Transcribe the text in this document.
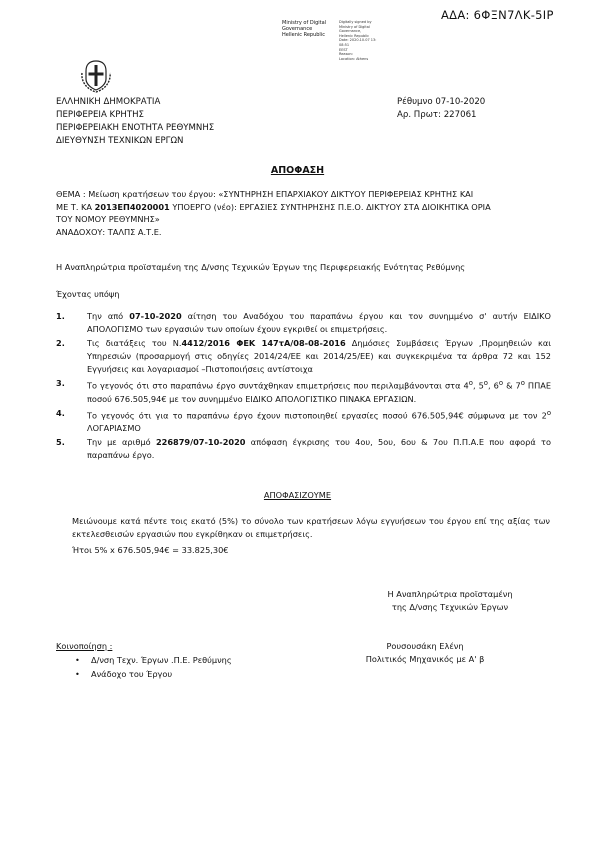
ΑΔΑ: 6ΦΞΝ7ΛΚ-5ΙΡ
Ministry of Digital
Governance
Hellenic Republic
Digitally signed by
Ministry of Digital
Governance,
Hellenic Republic
Date: 2020.10.07 13:
08:51
EEST
Reason:
Location: Athens
ΕΛΛΗΝΙΚΗ ΔΗΜΟΚΡΑΤΙΑ
ΠΕΡΙΦΕΡΕΙΑ ΚΡΗΤΗΣ
ΠΕΡΙΦΕΡΕΙΑΚΗ ΕΝΟΤΗΤΑ ΡΕΘΥΜΝΗΣ
ΔΙΕΥΘΥΝΣΗ ΤΕΧΝΙΚΩΝ ΕΡΓΩΝ
Ρέθυμνο 07-10-2020
Αρ. Πρωτ: 227061
ΑΠΟΦΑΣΗ
ΘΕΜΑ : Μείωση κρατήσεων του έργου: «ΣΥΝΤΗΡΗΣΗ ΕΠΑΡΧΙΑΚΟΥ ΔΙΚΤΥΟΥ ΠΕΡΙΦΕΡΕΙΑΣ ΚΡΗΤΗΣ ΚΑΙ
ΜΕ Τ. ΚΑ 2013ΕΠ4020001 ΥΠΟΕΡΓΟ (νέο): ΕΡΓΑΣΙΕΣ ΣΥΝΤΗΡΗΣΗΣ Π.Ε.Ο. ΔΙΚΤΥΟΥ ΣΤΑ ΔΙΟΙΚΗΤΙΚΑ ΟΡΙΑ
ΤΟΥ ΝΟΜΟΥ ΡΕΘΥΜΝΗΣ»
ΑΝΑΔΟΧΟΥ: ΤΑΛΠΣ Α.Τ.Ε.
Η Αναπληρώτρια προϊσταμένη της Δ/νσης Τεχνικών Έργων της Περιφερειακής Ενότητας Ρεθύμνης
Έχοντας υπόψη
1.	Την από 07-10-2020 αίτηση του Αναδόχου του παραπάνω έργου και τον συνημμένο σ' αυτήν ΕΙΔΙΚΟ ΑΠΟΛΟΓΙΣΜΟ των εργασιών των οποίων έχουν εγκριθεί οι επιμετρήσεις.
2.	Τις διατάξεις του Ν.4412/2016 ΦΕΚ 147τΑ/08-08-2016 Δημόσιες Συμβάσεις Έργων ,Προμηθειών και Υπηρεσιών (προσαρμογή στις οδηγίες 2014/24/ΕΕ και 2014/25/ΕΕ) και συγκεκριμένα τα άρθρα 72 και 152 Εγγυήσεις και λογαριασμοί –Πιστοποιήσεις αντίστοιχα
3.	Το γεγονός ότι στο παραπάνω έργο συντάχθηκαν επιμετρήσεις που περιλαμβάνονται στα $4^o$, $5^o$, $6^o$ & $7^o$ ΠΠΑΕ ποσού 676.505,94€ με τον συνημμένο ΕΙΔΙΚΟ ΑΠΟΛΟΓΙΣΤΙΚΟ ΠΙΝΑΚΑ ΕΡΓΑΣΙΩΝ.
4.	Το γεγονός ότι για το παραπάνω έργο έχουν πιστοποιηθεί εργασίες ποσού 676.505,94€ σύμφωνα με τον $2^o$ ΛΟΓΑΡΙΑΣΜΟ
5.	Την με αριθμό 226879/07-10-2020 απόφαση έγκρισης του 4ου, 5ου, 6ου & 7ου Π.Π.Α.Ε που αφορά το παραπάνω έργο.
ΑΠΟΦΑΣΙΖΟΥΜΕ
Μειώνουμε κατά πέντε τοις εκατό (5%) το σύνολο των κρατήσεων λόγω εγγυήσεων του έργου επί της αξίας των εκτελεσθεισών εργασιών που εγκρίθηκαν οι επιμετρήσεις.
Ήτοι 5% x 676.505,94€ = 33.825,30€
Η Αναπληρώτρια προϊσταμένη
της Δ/νσης Τεχνικών Έργων
Ρουσουσάκη Ελένη
Πολιτικός Μηχανικός με Α' β
Κοινοποίηση :
• Δ/νση Τεχν. Έργων .Π.Ε. Ρεθύμνης
• Ανάδοχο του Έργου
